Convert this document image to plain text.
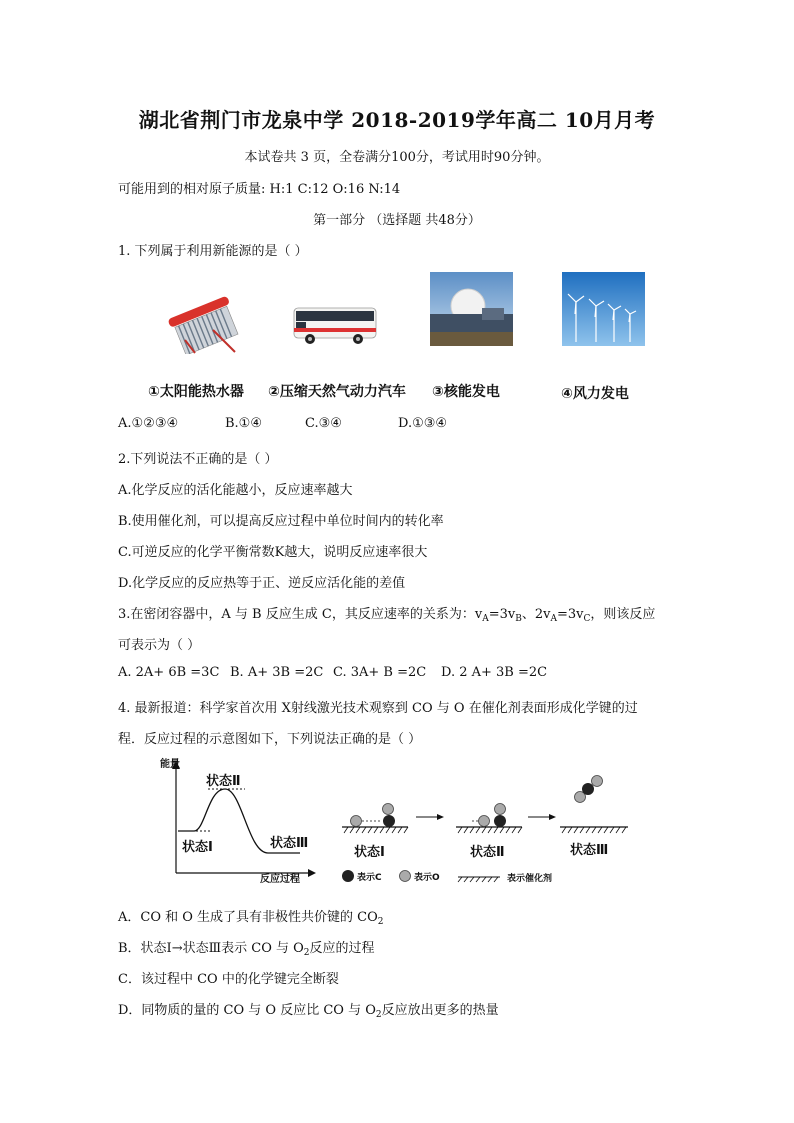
湖北省荆门市龙泉中学 2018-2019学年高二 10月月考
本试卷共 3 页，全卷满分100分，考试用时90分钟。
可能用到的相对原子质量: H:1 C:12 O:16 N:14
第一部分 （选择题 共48分）
1. 下列属于利用新能源的是（ ）
①太阳能热水器 ②压缩天然气动力汽车 ③核能发电	④风力发电
A.①②③④	B.①④	C.③④	D.①③④
2.下列说法不正确的是（ ）
A.化学反应的活化能越小，反应速率越大
B.使用催化剂，可以提高反应过程中单位时间内的转化率
C.可逆反应的化学平衡常数K越大，说明反应速率很大
D.化学反应的反应热等于正、逆反应活化能的差值
3.在密闭容器中，A 与 B 反应生成 C，其反应速率的关系为：$v_A=3v_B$、$2v_A=3v_C$，则该反应
可表示为（ ）
A. 2A+ 6B =3C B. A+ 3B =2C C. 3A+ B =2C D. 2 A+ 3B =2C
4. 最新报道：科学家首次用 X射线激光技术观察到 CO 与 O 在催化剂表面形成化学键的过
程．反应过程的示意图如下，下列说法正确的是（ ）
能量
反应过程
状态Ⅱ
状态Ⅰ	状态Ⅲ
状态Ⅰ	状态Ⅱ	状态Ⅲ
表示C	表示O	表示催化剂
A．CO 和 O 生成了具有非极性共价键的 $CO_2$
B．状态Ⅰ→状态Ⅲ表示 CO 与 $O_2$反应的过程
C．该过程中 CO 中的化学键完全断裂
D．同物质的量的 CO 与 O 反应比 CO 与 $O_2$反应放出更多的热量
